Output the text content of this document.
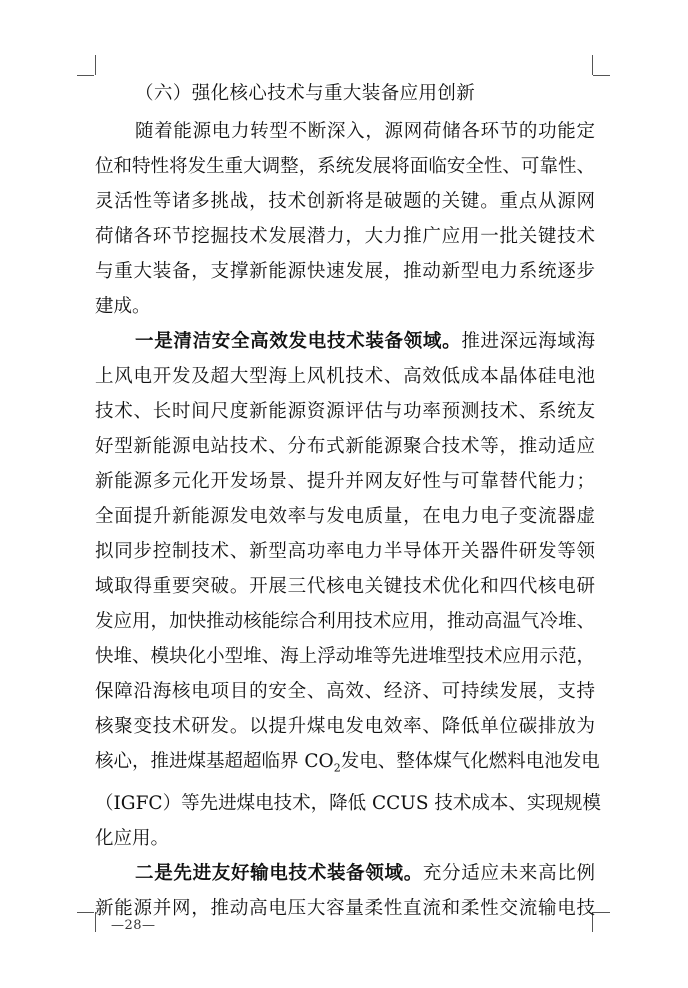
（六）强化核心技术与重大装备应用创新

随着能源电力转型不断深入，源网荷储各环节的功能定
位和特性将发生重大调整，系统发展将面临安全性、可靠性、
灵活性等诸多挑战，技术创新将是破题的关键。重点从源网
荷储各环节挖掘技术发展潜力，大力推广应用一批关键技术
与重大装备，支撑新能源快速发展，推动新型电力系统逐步
建成。

一是清洁安全高效发电技术装备领域。推进深远海域海
上风电开发及超大型海上风机技术、高效低成本晶体硅电池
技术、长时间尺度新能源资源评估与功率预测技术、系统友
好型新能源电站技术、分布式新能源聚合技术等，推动适应
新能源多元化开发场景、提升并网友好性与可靠替代能力；
全面提升新能源发电效率与发电质量，在电力电子变流器虚
拟同步控制技术、新型高功率电力半导体开关器件研发等领
域取得重要突破。开展三代核电关键技术优化和四代核电研
发应用，加快推动核能综合利用技术应用，推动高温气冷堆、
快堆、模块化小型堆、海上浮动堆等先进堆型技术应用示范，
保障沿海核电项目的安全、高效、经济、可持续发展，支持
核聚变技术研发。以提升煤电发电效率、降低单位碳排放为
核心，推进煤基超超临界 $CO_2$发电、整体煤气化燃料电池发电
（IGFC）等先进煤电技术，降低 CCUS 技术成本、实现规模
化应用。

二是先进友好输电技术装备领域。充分适应未来高比例
新能源并网，推动高电压大容量柔性直流和柔性交流输电技

—28—
